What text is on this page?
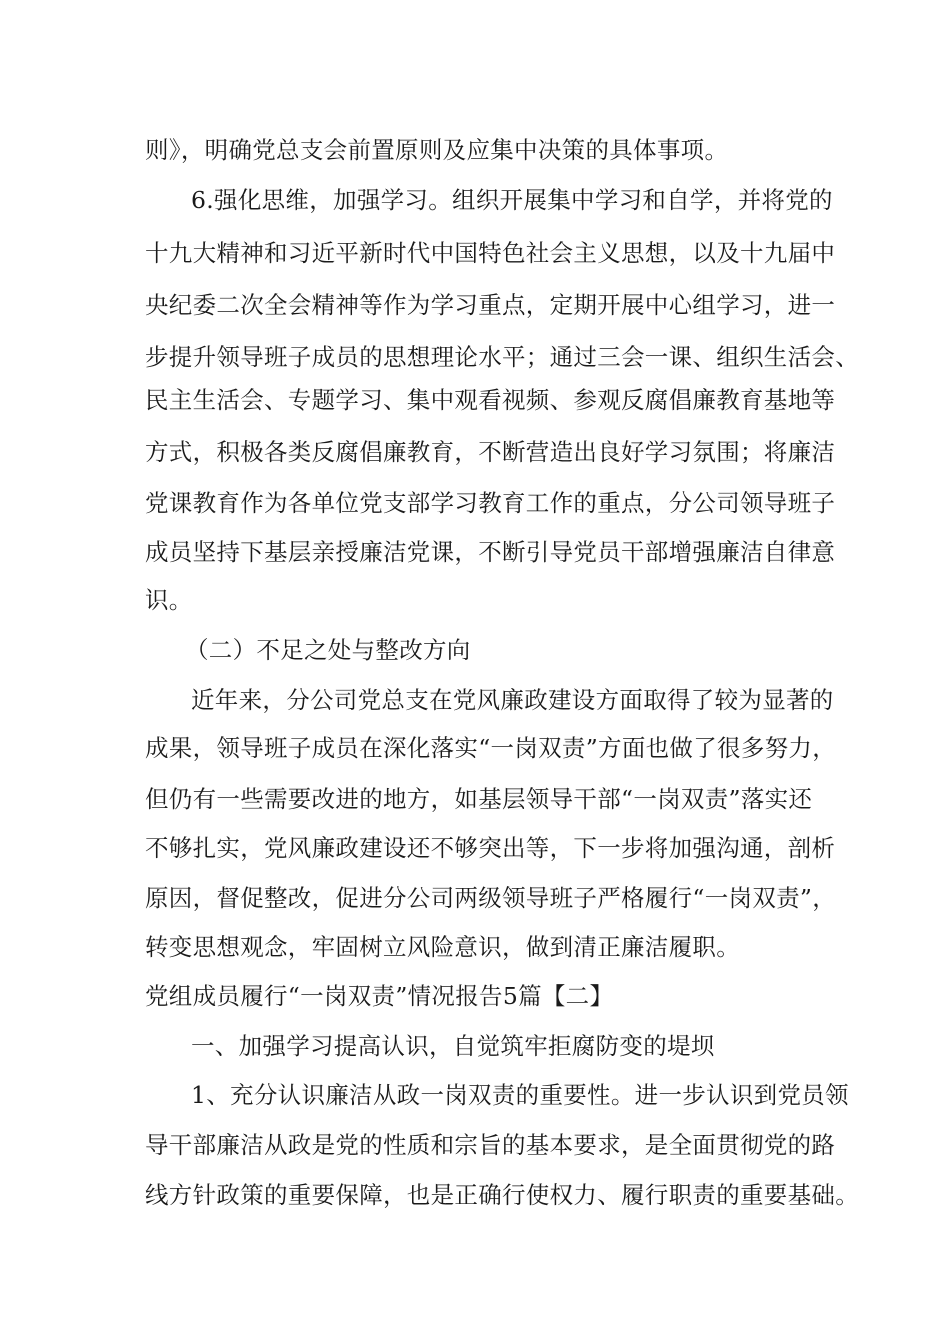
则》，明确党总支会前置原则及应集中决策的具体事项。
6.强化思维，加强学习。组织开展集中学习和自学，并将党的
十九大精神和习近平新时代中国特色社会主义思想，以及十九届中
央纪委二次全会精神等作为学习重点，定期开展中心组学习，进一
步提升领导班子成员的思想理论水平；通过三会一课、组织生活会、
民主生活会、专题学习、集中观看视频、参观反腐倡廉教育基地等
方式，积极各类反腐倡廉教育，不断营造出良好学习氛围；将廉洁
党课教育作为各单位党支部学习教育工作的重点，分公司领导班子
成员坚持下基层亲授廉洁党课，不断引导党员干部增强廉洁自律意
识。
（二）不足之处与整改方向
近年来，分公司党总支在党风廉政建设方面取得了较为显著的
成果，领导班子成员在深化落实“一岗双责”方面也做了很多努力，
但仍有一些需要改进的地方，如基层领导干部“一岗双责”落实还
不够扎实，党风廉政建设还不够突出等，下一步将加强沟通，剖析
原因，督促整改，促进分公司两级领导班子严格履行“一岗双责”，
转变思想观念，牢固树立风险意识，做到清正廉洁履职。
党组成员履行“一岗双责”情况报告5篇【二】
一、加强学习提高认识，自觉筑牢拒腐防变的堤坝
1、充分认识廉洁从政一岗双责的重要性。进一步认识到党员领
导干部廉洁从政是党的性质和宗旨的基本要求，是全面贯彻党的路
线方针政策的重要保障，也是正确行使权力、履行职责的重要基础。
